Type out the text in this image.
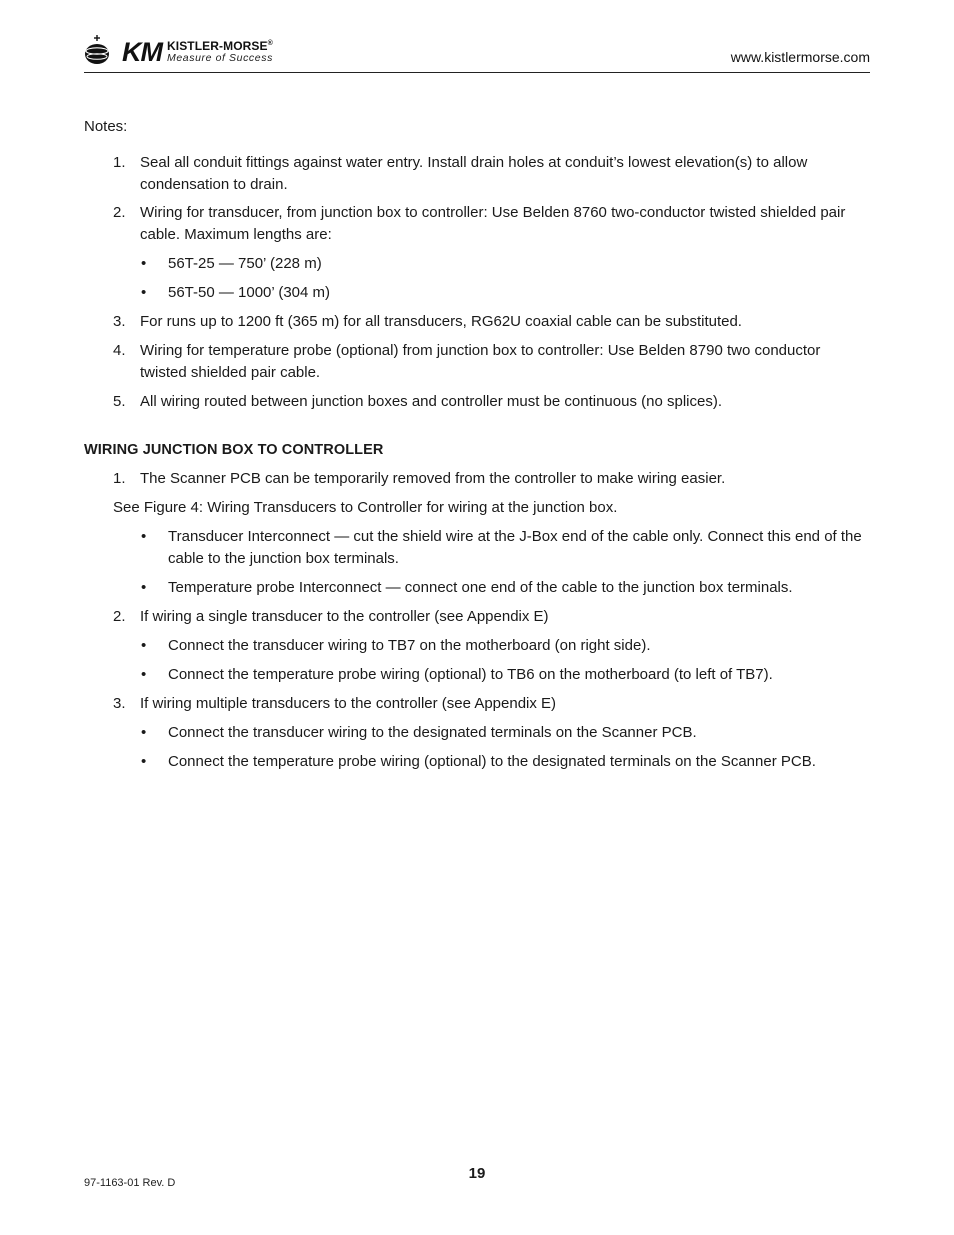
KM KISTLER-MORSE®
Measure of Success	www.kistlermorse.com

Notes:

1. Seal all conduit fittings against water entry. Install drain holes at conduit’s lowest elevation(s) to allow condensation to drain.
2. Wiring for transducer, from junction box to controller: Use Belden 8760 two-conductor twisted shielded pair cable. Maximum lengths are:
• 56T-25 — 750’ (228 m)
• 56T-50 — 1000’ (304 m)
3. For runs up to 1200 ft (365 m) for all transducers, RG62U coaxial cable can be substituted.
4. Wiring for temperature probe (optional) from junction box to controller: Use Belden 8790 two conductor twisted shielded pair cable.
5. All wiring routed between junction boxes and controller must be continuous (no splices).
WIRING JUNCTION BOX TO CONTROLLER
1. The Scanner PCB can be temporarily removed from the controller to make wiring easier.

See Figure 4: Wiring Transducers to Controller for wiring at the junction box.

• Transducer Interconnect — cut the shield wire at the J-Box end of the cable only. Connect this end of the cable to the junction box terminals.
• Temperature probe Interconnect — connect one end of the cable to the junction box terminals.
2. If wiring a single transducer to the controller (see Appendix E)
• Connect the transducer wiring to TB7 on the motherboard (on right side).
• Connect the temperature probe wiring (optional) to TB6 on the motherboard (to left of TB7).
3. If wiring multiple transducers to the controller (see Appendix E)
• Connect the transducer wiring to the designated terminals on the Scanner PCB.
• Connect the temperature probe wiring (optional) to the designated terminals on the Scanner PCB.
19
97-1163-01 Rev. D
